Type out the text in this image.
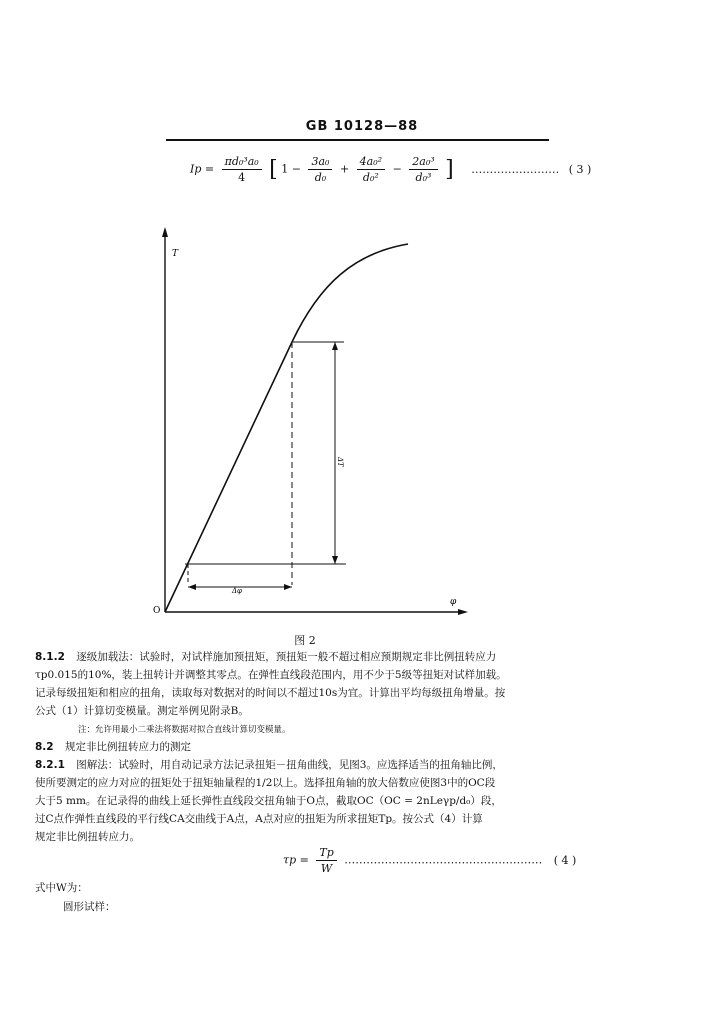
GB 10128—88
$Ip = \frac{\text{πd₀³a₀}}{4}$ [ $1 - \frac{\text{3a₀}}{\text{d₀}} + \frac{\text{4a₀²}}{\text{d₀²}} - \frac{\text{2a₀³}}{\text{d₀³}}$ ] …………………… ( 3 )
T
φ
O
Δφ
ΔT
图 2
8.1.2 逐级加载法：试验时，对试样施加预扭矩，预扭矩一般不超过相应预期规定非比例扭转应力
τp0.015的10%，装上扭转计并调整其零点。在弹性直线段范围内，用不少于5级等扭矩对试样加载。
记录每级扭矩和相应的扭角，读取每对数据对的时间以不超过10s为宜。计算出平均每级扭角增量。按
公式（1）计算切变模量。测定举例见附录B。
注：允许用最小二乘法将数据对拟合直线计算切变模量。
8.2 规定非比例扭转应力的测定
8.2.1 图解法：试验时，用自动记录方法记录扭矩－扭角曲线，见图3。应选择适当的扭角轴比例，
使所要测定的应力对应的扭矩处于扭矩轴量程的1/2以上。选择扭角轴的放大倍数应使图3中的OC段
大于5 mm。在记录得的曲线上延长弹性直线段交扭角轴于O点，截取OC（OC = 2nLeγp/d₀）段，
过C点作弹性直线段的平行线CA交曲线于A点，A点对应的扭矩为所求扭矩Tp。按公式（4）计算
规定非比例扭转应力。
$\tau p = \frac{Tp}{W}$ ……………………………………………… ( 4 )
式中W为：
圆形试样：
